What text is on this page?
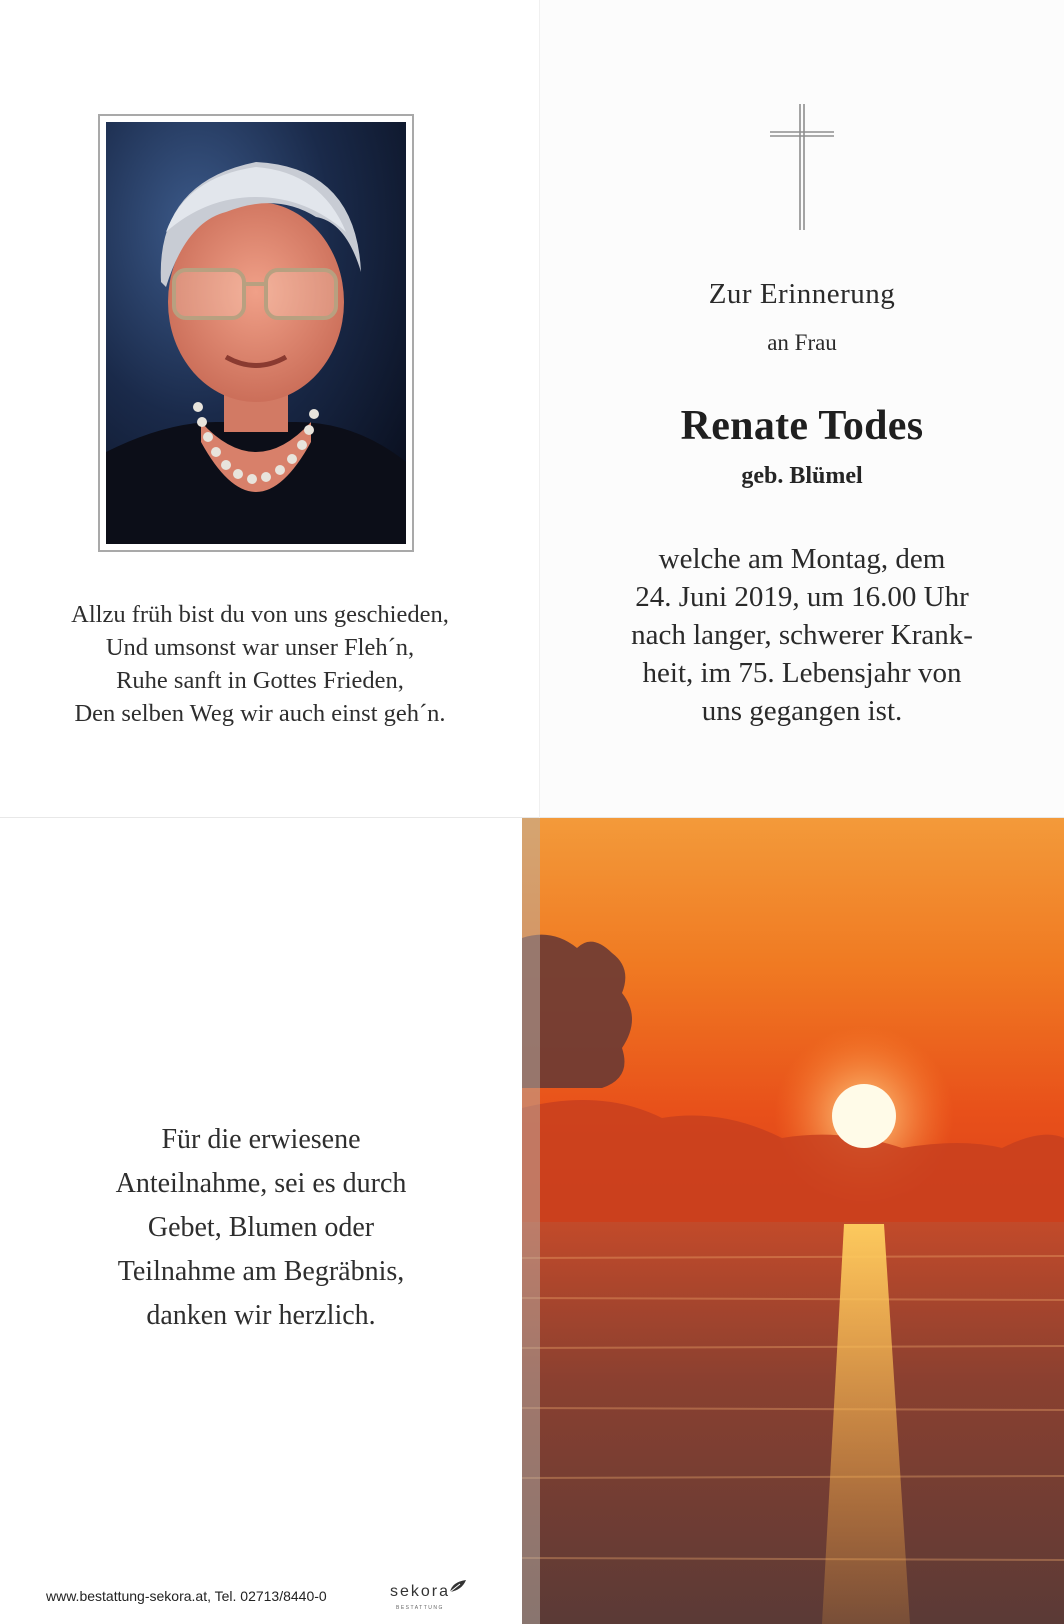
Allzu früh bist du von uns geschieden,
Und umsonst war unser Fleh´n,
Ruhe sanft in Gottes Frieden,
Den selben Weg wir auch einst geh´n.
Zur Erinnerung
an Frau
Renate Todes
geb. Blümel
welche am Montag, dem
24. Juni 2019, um 16.00 Uhr
nach langer, schwerer Krank-
heit, im 75. Lebensjahr von
uns gegangen ist.
Für die erwiesene
Anteilnahme, sei es durch
Gebet, Blumen oder
Teilnahme am Begräbnis,
danken wir herzlich.
www.bestattung-sekora.at, Tel. 02713/8440-0	sekora
BESTATTUNG
